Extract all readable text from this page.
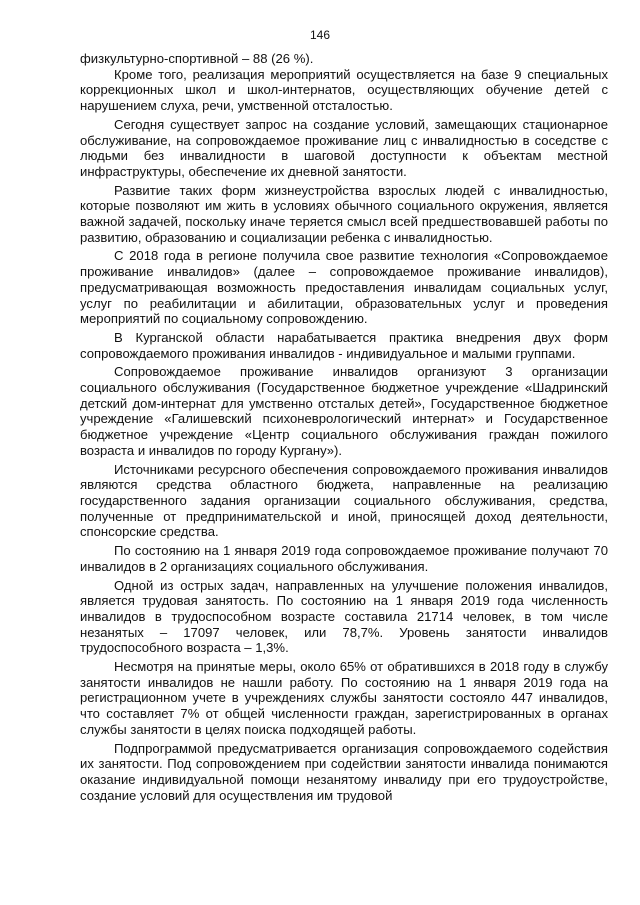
146

физкультурно-спортивной – 88 (26 %).

Кроме того, реализация мероприятий осуществляется на базе 9 специальных коррекционных школ и школ-интернатов, осуществляющих обучение детей с нарушением слуха, речи, умственной отсталостью.

Сегодня существует запрос на создание условий, замещающих стационарное обслуживание, на сопровождаемое проживание лиц с инвалидностью в соседстве с людьми без инвалидности в шаговой доступности к объектам местной инфраструктуры, обеспечение их дневной занятости.

Развитие таких форм жизнеустройства взрослых людей с инвалидностью, которые позволяют им жить в условиях обычного социального окружения, является важной задачей, поскольку иначе теряется смысл всей предшествовавшей работы по развитию, образованию и социализации ребенка с инвалидностью.

С 2018 года в регионе получила свое развитие технология «Сопровождаемое проживание инвалидов» (далее – сопровождаемое проживание инвалидов), предусматривающая возможность предоставления инвалидам социальных услуг, услуг по реабилитации и абилитации, образовательных услуг и проведения мероприятий по социальному сопровождению.

В Курганской области нарабатывается практика внедрения двух форм сопровождаемого проживания инвалидов - индивидуальное и малыми группами.

Сопровождаемое проживание инвалидов организуют 3 организации социального обслуживания (Государственное бюджетное учреждение «Шадринский детский дом-интернат для умственно отсталых детей», Государственное бюджетное учреждение «Галишевский психоневрологический интернат» и Государственное бюджетное учреждение «Центр социального обслуживания граждан пожилого возраста и инвалидов по городу Кургану»).

Источниками ресурсного обеспечения сопровождаемого проживания инвалидов являются средства областного бюджета, направленные на реализацию государственного задания организации социального обслуживания, средства, полученные от предпринимательской и иной, приносящей доход деятельности, спонсорские средства.

По состоянию на 1 января 2019 года сопровождаемое проживание получают 70 инвалидов в 2 организациях социального обслуживания.

Одной из острых задач, направленных на улучшение положения инвалидов, является трудовая занятость. По состоянию на 1 января 2019 года численность инвалидов в трудоспособном возрасте составила 21714 человек, в том числе незанятых – 17097 человек, или 78,7%. Уровень занятости инвалидов трудоспособного возраста – 1,3%.

Несмотря на принятые меры, около 65% от обратившихся в 2018 году в службу занятости инвалидов не нашли работу. По состоянию на 1 января 2019 года на регистрационном учете в учреждениях службы занятости состояло 447 инвалидов, что составляет 7% от общей численности граждан, зарегистрированных в органах службы занятости в целях поиска подходящей работы.

Подпрограммой предусматривается организация сопровождаемого содействия их занятости. Под сопровождением при содействии занятости инвалида понимаются оказание индивидуальной помощи незанятому инвалиду при его трудоустройстве, создание условий для осуществления им трудовой
